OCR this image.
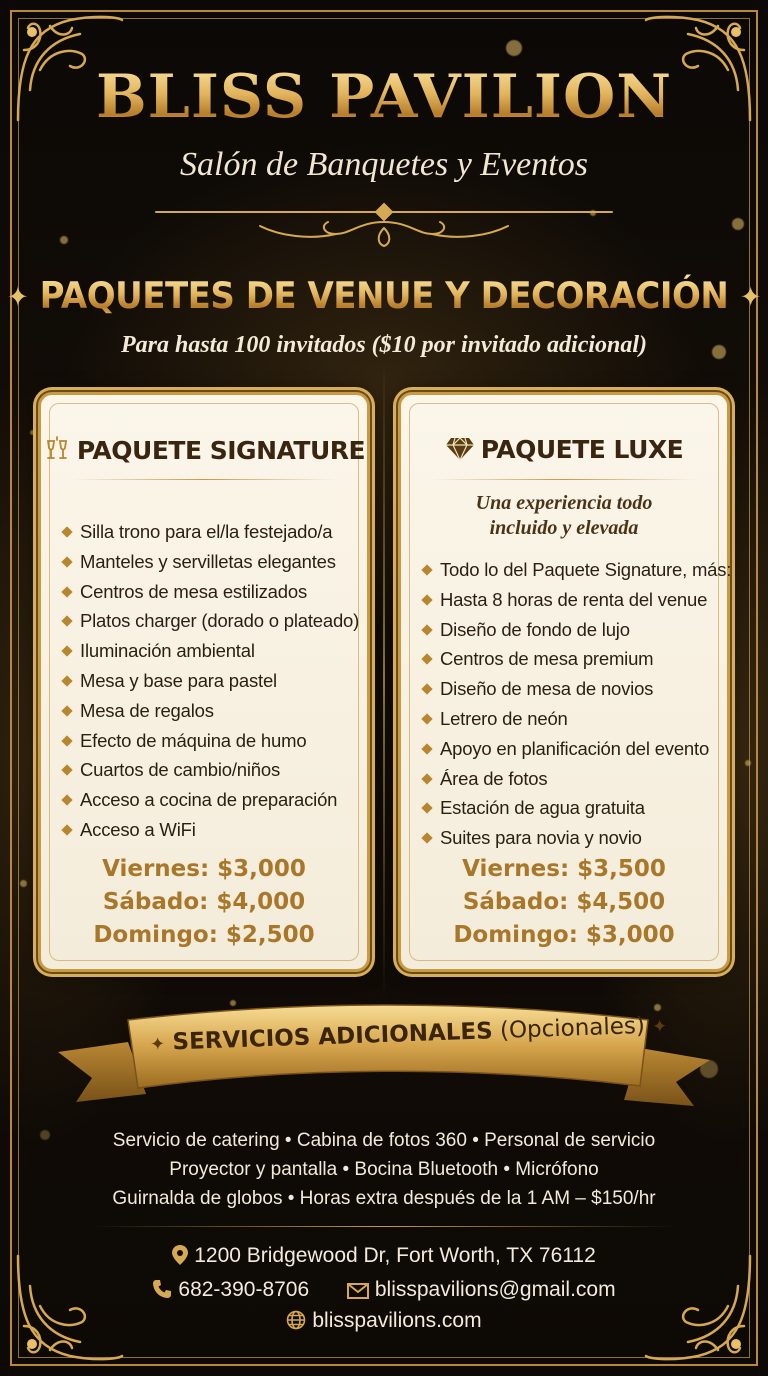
BLISS PAVILION
Salón de Banquetes y Eventos
✦ PAQUETES DE VENUE Y DECORACIÓN ✦
Para hasta 100 invitados ($10 por invitado adicional)
PAQUETE SIGNATURE
Silla trono para el/la festejado/a
Manteles y servilletas elegantes
Centros de mesa estilizados
Platos charger (dorado o plateado)
Iluminación ambiental
Mesa y base para pastel
Mesa de regalos
Efecto de máquina de humo
Cuartos de cambio/niños
Acceso a cocina de preparación
Acceso a WiFi
Viernes: $3,000
Sábado: $4,000
Domingo: $2,500
PAQUETE LUXE
Una experiencia todo
incluido y elevada
Todo lo del Paquete Signature, más:
Hasta 8 horas de renta del venue
Diseño de fondo de lujo
Centros de mesa premium
Diseño de mesa de novios
Letrero de neón
Apoyo en planificación del evento
Área de fotos
Estación de agua gratuita
Suites para novia y novio
Viernes: $3,500
Sábado: $4,500
Domingo: $3,000
✦ SERVICIOS ADICIONALES (Opcionales) ✦
Servicio de catering • Cabina de fotos 360 • Personal de servicio
Proyector y pantalla • Bocina Bluetooth • Micrófono
Guirnalda de globos • Horas extra después de la 1 AM – $150/hr
1200 Bridgewood Dr, Fort Worth, TX 76112
682-390-8706	blisspavilions@gmail.com
blisspavilions.com
